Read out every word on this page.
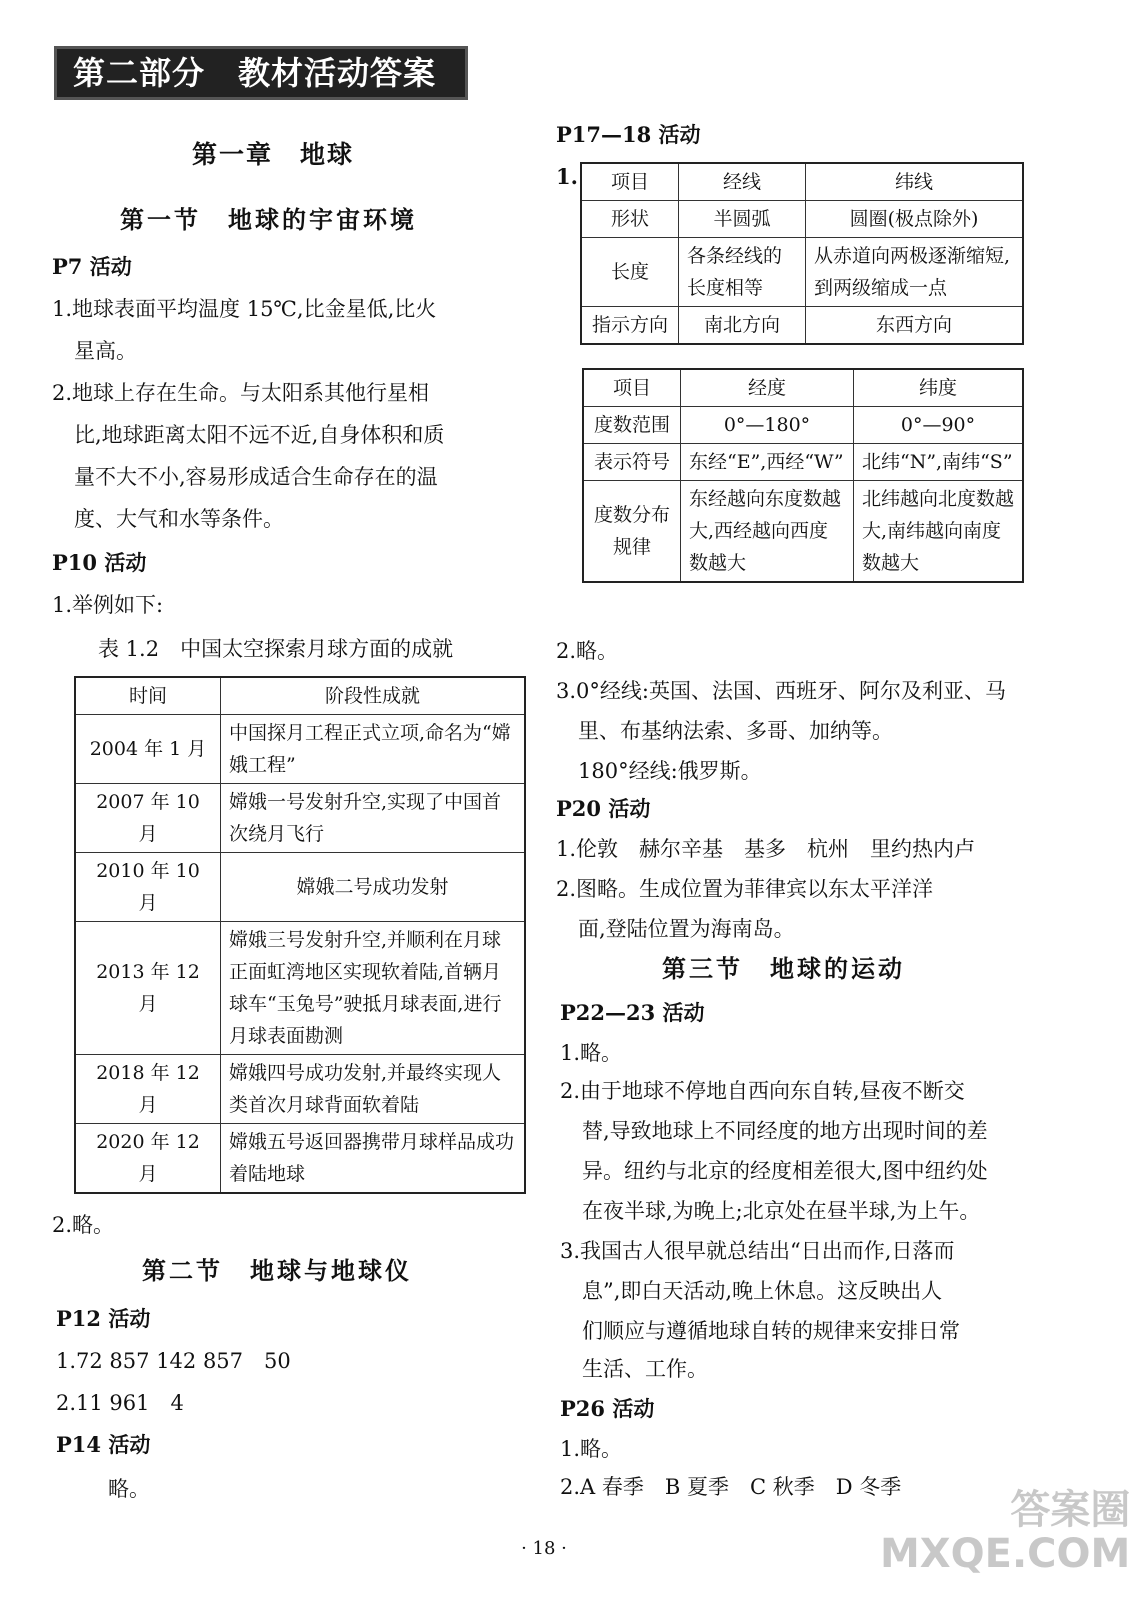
第二部分　教材活动答案
第一章　地球
第一节　地球的宇宙环境
P7 活动
1.地球表面平均温度 15℃,比金星低,比火
星高。
2.地球上存在生命。与太阳系其他行星相
比,地球距离太阳不远不近,自身体积和质
量不大不小,容易形成适合生命存在的温
度、大气和水等条件。
P10 活动
1.举例如下:
表 1.2　中国太空探索月球方面的成就
时间	阶段性成就
2004 年 1 月	中国探月工程正式立项,命名为“嫦娥工程”
2007 年 10 月	嫦娥一号发射升空,实现了中国首次绕月飞行
2010 年 10 月	嫦娥二号成功发射
2013 年 12 月	嫦娥三号发射升空,并顺利在月球正面虹湾地区实现软着陆,首辆月球车“玉兔号”驶抵月球表面,进行月球表面勘测
2018 年 12 月	嫦娥四号成功发射,并最终实现人类首次月球背面软着陆
2020 年 12 月	嫦娥五号返回器携带月球样品成功着陆地球
2.略。
第二节　地球与地球仪
P12 活动
1.72 857 142 857　50
2.11 961　4
P14 活动
略。
P17—18 活动
1. 项目	经线	纬线
形状	半圆弧	圆圈(极点除外)
长度	各条经线的长度相等	从赤道向两极逐渐缩短,到两级缩成一点
指示方向	南北方向	东西方向
项目	经度	纬度
度数范围	0°—180°	0°—90°
表示符号	东经“E”,西经“W”	北纬“N”,南纬“S”
度数分布规律	东经越向东度数越大,西经越向西度数越大	北纬越向北度数越大,南纬越向南度数越大
2.略。
3.0°经线:英国、法国、西班牙、阿尔及利亚、马
里、布基纳法索、多哥、加纳等。
180°经线:俄罗斯。
P20 活动
1.伦敦　赫尔辛基　基多　杭州　里约热内卢
2.图略。生成位置为菲律宾以东太平洋洋
面,登陆位置为海南岛。
第三节　地球的运动
P22—23 活动
1.略。
2.由于地球不停地自西向东自转,昼夜不断交
替,导致地球上不同经度的地方出现时间的差
异。纽约与北京的经度相差很大,图中纽约处
在夜半球,为晚上;北京处在昼半球,为上午。
3.我国古人很早就总结出“日出而作,日落而
息”,即白天活动,晚上休息。这反映出人
们顺应与遵循地球自转的规律来安排日常
生活、工作。
P26 活动
1.略。
2.A 春季　B 夏季　C 秋季　D 冬季
· 18 ·
答案圈
MXQE.COM
